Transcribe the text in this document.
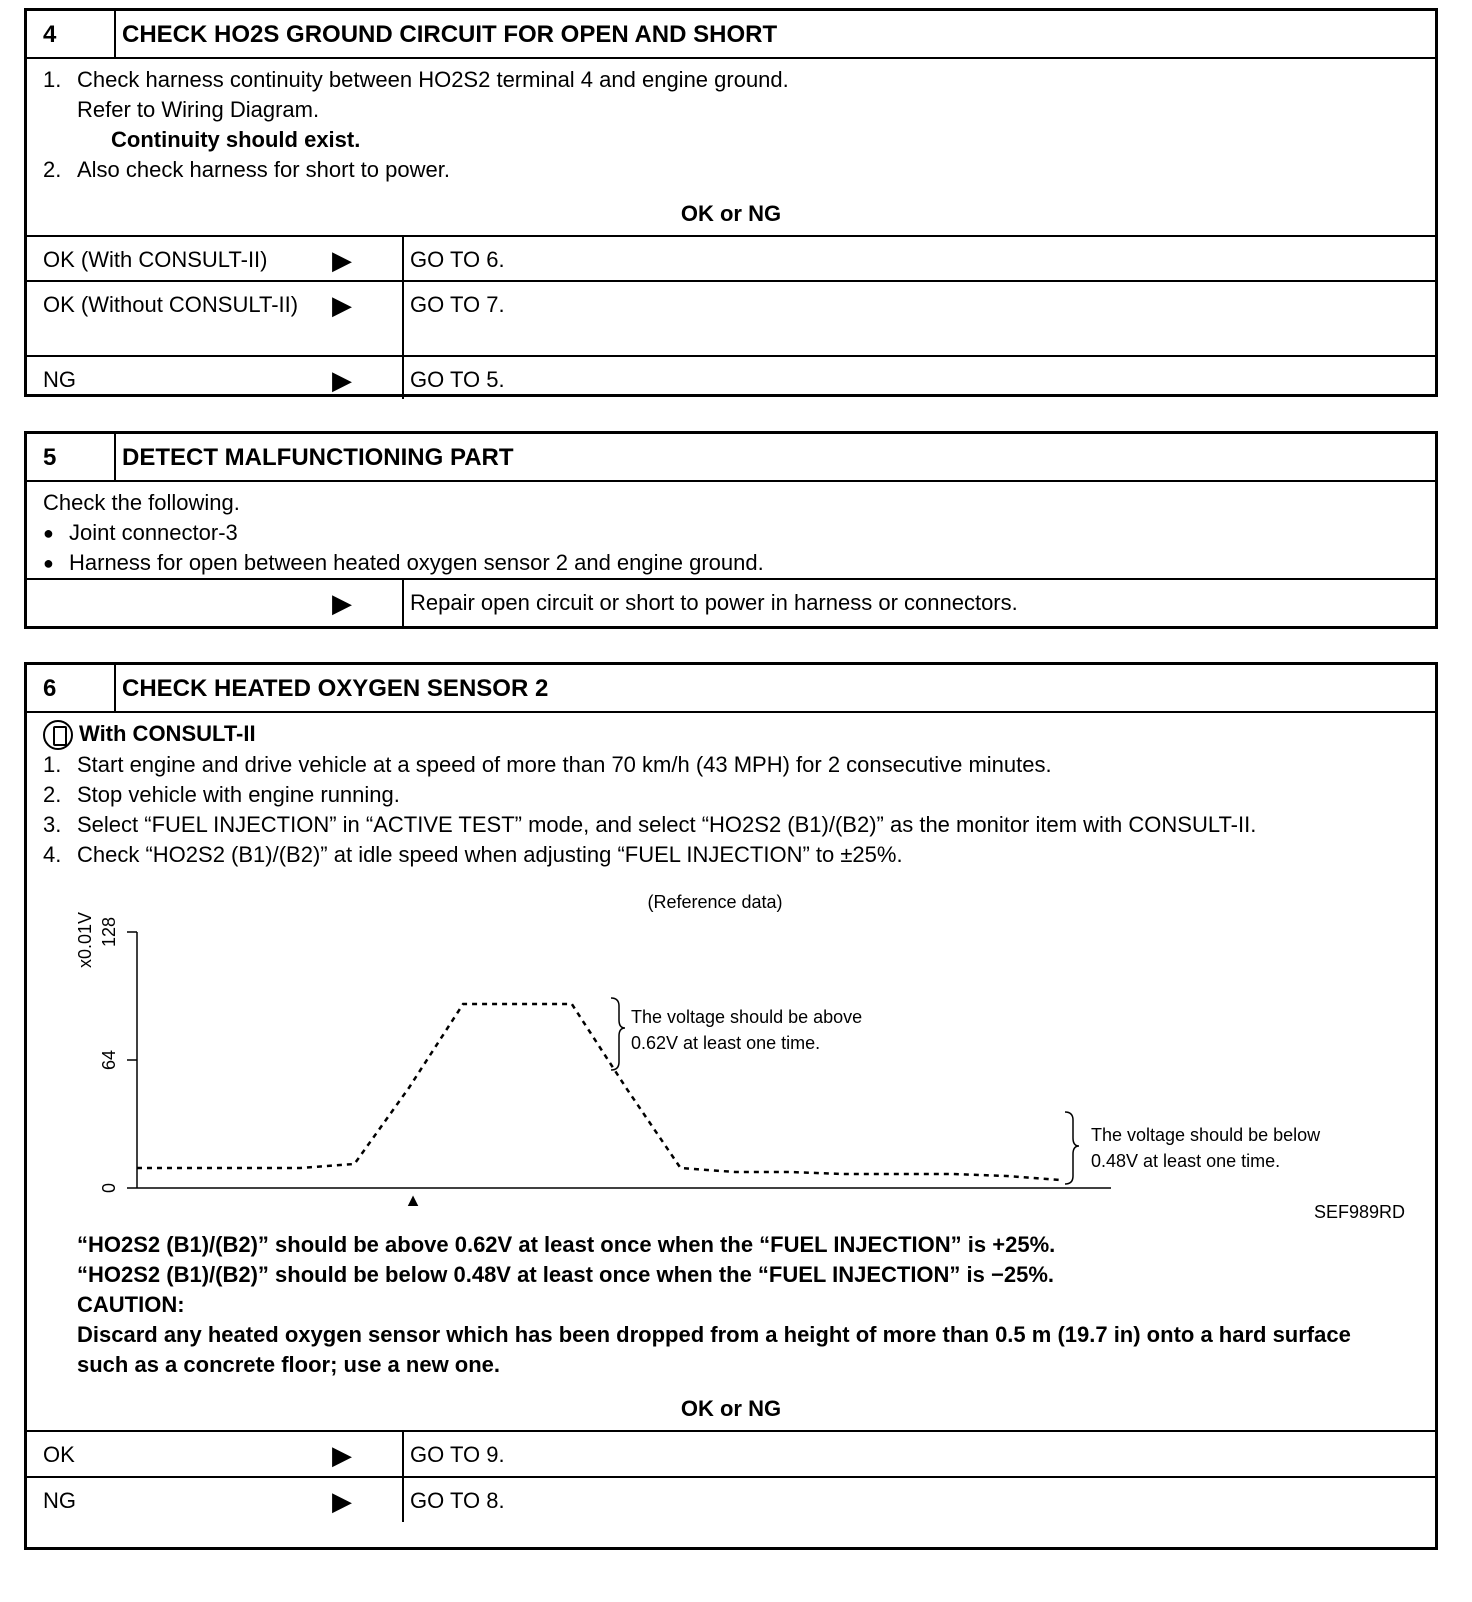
4	CHECK HO2S GROUND CIRCUIT FOR OPEN AND SHORT
1. Check harness continuity between HO2S2 terminal 4 and engine ground.
Refer to Wiring Diagram.
Continuity should exist.
2. Also check harness for short to power.
OK or NG
OK (With CONSULT-II)	▶	GO TO 6.
OK (Without CONSULT-II)	▶	GO TO 7.
NG	▶	GO TO 5.
5	DETECT MALFUNCTIONING PART
Check the following.
● Joint connector-3
● Harness for open between heated oxygen sensor 2 and engine ground.
▶	Repair open circuit or short to power in harness or connectors.
6	CHECK HEATED OXYGEN SENSOR 2
With CONSULT-II
1. Start engine and drive vehicle at a speed of more than 70 km/h (43 MPH) for 2 consecutive minutes.
2. Stop vehicle with engine running.
3. Select “FUEL INJECTION” in “ACTIVE TEST” mode, and select “HO2S2 (B1)/(B2)” as the monitor item with CONSULT-II.
4. Check “HO2S2 (B1)/(B2)” at idle speed when adjusting “FUEL INJECTION” to ±25%.
(Reference data)
x0.01V 128
64
0
▲
The voltage should be above
0.62V at least one time.
The voltage should be below
0.48V at least one time.
SEF989RD
“HO2S2 (B1)/(B2)” should be above 0.62V at least once when the “FUEL INJECTION” is +25%.
“HO2S2 (B1)/(B2)” should be below 0.48V at least once when the “FUEL INJECTION” is −25%.
CAUTION:
Discard any heated oxygen sensor which has been dropped from a height of more than 0.5 m (19.7 in) onto a hard surface such as a concrete floor; use a new one.
OK or NG
OK	▶	GO TO 9.
NG	▶	GO TO 8.
